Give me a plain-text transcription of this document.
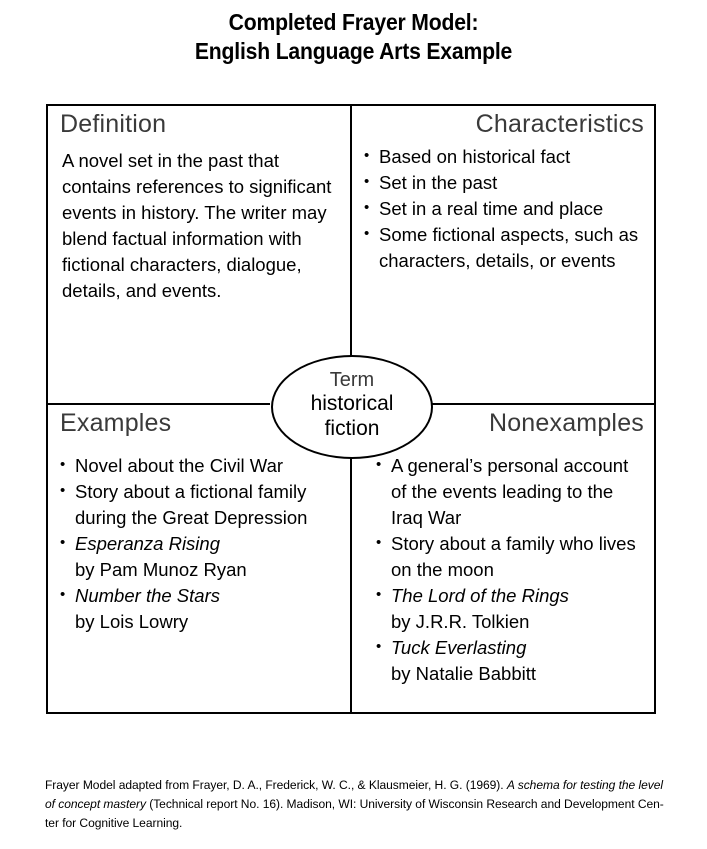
Completed Frayer Model:
English Language Arts Example
Definition

A novel set in the past that contains references to significant events in history. The writer may blend factual information with fictional characters, dialogue, details, and events.

Characteristics
• Based on historical fact
• Set in the past
• Set in a real time and place
• Some fictional aspects, such as characters, details, or events
Examples
• Novel about the Civil War
• Story about a fictional family during the Great Depression
• Esperanza Rising
by Pam Munoz Ryan
• Number the Stars
by Lois Lowry
Nonexamples
• A general’s personal account of the events leading to the Iraq War
• Story about a family who lives on the moon
• The Lord of the Rings
by J.R.R. Tolkien
• Tuck Everlasting
by Natalie Babbitt
Term
historical
fiction
Frayer Model adapted from Frayer, D. A., Frederick, W. C., & Klausmeier, H. G. (1969). A schema for testing the level
of concept mastery (Technical report No. 16). Madison, WI: University of Wisconsin Research and Development Cen-
ter for Cognitive Learning.
